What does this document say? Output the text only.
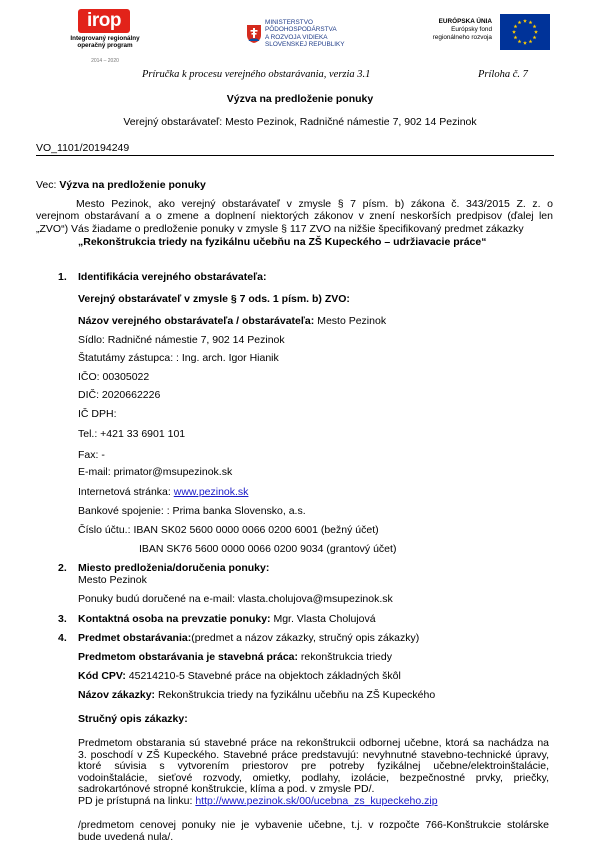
irop
Integrovaný regionálny operačný program
2014 – 2020
MINISTERSTVO
PÔDOHOSPODÁRSTVA
A ROZVOJA VIDIEKA
SLOVENSKEJ REPUBLIKY
EURÓPSKA ÚNIA
Európsky fond
regionálneho rozvoja
Príručka k procesu verejného obstarávania, verzia 3.1	Príloha č. 7
Výzva na predloženie ponuky
Verejný obstarávateľ: Mesto Pezinok, Radničné námestie 7, 902 14 Pezinok
VO_1101/20194249
Vec: Výzva na predloženie ponuky
Mesto Pezinok, ako verejný obstarávateľ v zmysle § 7 písm. b) zákona č. 343/2015 Z. z. o
verejnom obstarávaní a o zmene a doplnení niektorých zákonov v znení neskorších predpisov (ďalej len
„ZVO“) Vás žiadame o predloženie ponuky v zmysle § 117 ZVO na nižšie špecifikovaný predmet zákazky
„Rekonštrukcia triedy na fyzikálnu učebňu na ZŠ Kupeckého – udržiavacie práce“
1. Identifikácia verejného obstarávateľa:
Verejný obstarávateľ v zmysle § 7 ods. 1 písm. b) ZVO:
Názov verejného obstarávateľa / obstarávateľa: Mesto Pezinok
Sídlo: Radničné námestie 7, 902 14 Pezinok
Štatutámy zástupca: : Ing. arch. Igor Hianik
IČO: 00305022
DIČ: 2020662226
IČ DPH:
Tel.: +421 33 6901 101
Fax: -
E-mail: primator@msupezinok.sk
Internetová stránka: www.pezinok.sk
Bankové spojenie: : Prima banka Slovensko, a.s.
Číslo účtu.: IBAN SK02 5600 0000 0066 0200 6001 (bežný účet)
IBAN SK76 5600 0000 0066 0200 9034 (grantový účet)
2. Miesto predloženia/doručenia ponuky:
Mesto Pezinok
Ponuky budú doručené na e-mail: vlasta.cholujova@msupezinok.sk
3. Kontaktná osoba na prevzatie ponuky: Mgr. Vlasta Cholujová
4. Predmet obstarávania:(predmet a názov zákazky, stručný opis zákazky)
Predmetom obstarávania je stavebná práca: rekonštrukcia triedy
Kód CPV: 45214210-5 Stavebné práce na objektoch základných škôl
Názov zákazky: Rekonštrukcia triedy na fyzikálnu učebňu na ZŠ Kupeckého
Stručný opis zákazky:
Predmetom obstarania sú stavebné práce na rekonštrukcii odbornej učebne, ktorá sa nachádza na
3. poschodí v ZŠ Kupeckého. Stavebné práce predstavujú: nevyhnutné stavebno-technické úpravy,
ktoré súvisia s vytvorením priestorov pre potreby fyzikálnej učebne/elektroinštalácie,
vodoinštalácie, sieťové rozvody, omietky, podlahy, izolácie, bezpečnostné prvky, priečky,
sadrokartónové stropné konštrukcie, klíma a pod. v zmysle PD/.
PD je prístupná na linku: http://www.pezinok.sk/00/ucebna_zs_kupeckeho.zip
/predmetom cenovej ponuky nie je vybavenie učebne, t.j. v rozpočte 766-Konštrukcie stolárske
bude uvedená nula/.
